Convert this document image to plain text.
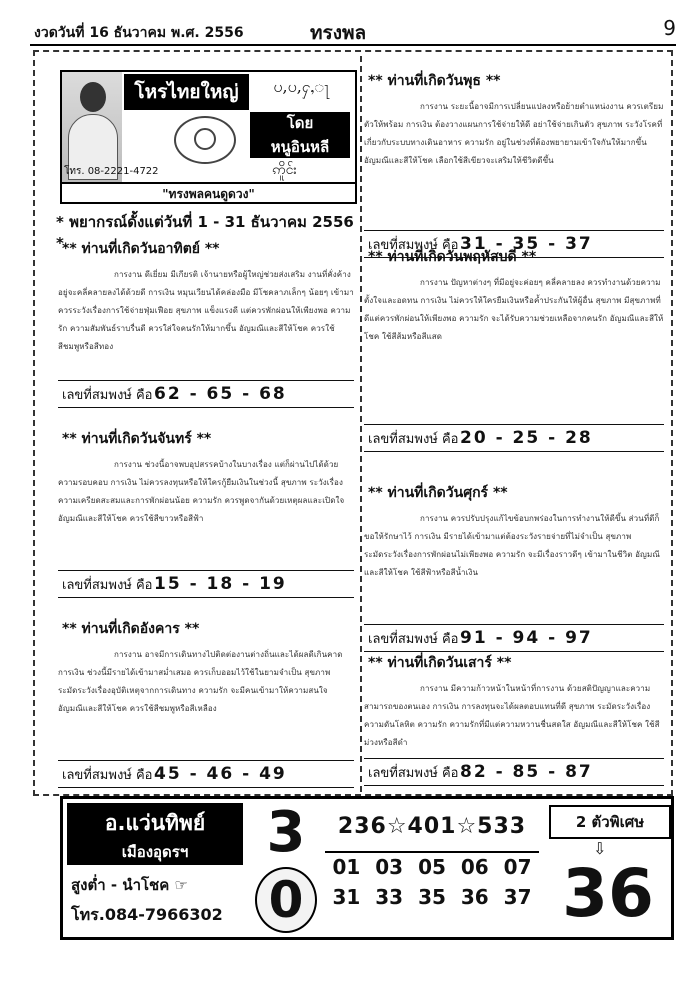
งวดวันที่ 16 ธันวาคม พ.ศ. 2556	ทรงพล	9
โหรไทยใหญ่	ပ,ပ,ႁ,ႃ
โดย
หนูอินหลี
โทร. 08-2221-4722	ဢိူင်း
"ทรงพลคนดูดวง"
* พยากรณ์ดั้งแต่วันที่ 1 - 31 ธันวาคม 2556 *
** ท่านที่เกิดวันอาทิตย์ **
การงาน ดีเยี่ยม มีเกียรติ เจ้านายหรือผู้ใหญ่ช่วยส่งเสริม งานที่คั่งค้างอยู่จะคลี่คลายลงได้ด้วยดี การเงิน หมุนเวียนได้คล่องมือ มีโชคลาภเล็กๆ น้อยๆ เข้ามา ควรระวังเรื่องการใช้จ่ายฟุ่มเฟือย สุขภาพ แข็งแรงดี แต่ควรพักผ่อนให้เพียงพอ ความรัก ความสัมพันธ์ราบรื่นดี ควรใส่ใจคนรักให้มากขึ้น อัญมณีและสีให้โชค ควรใช้สีชมพูหรือสีทอง
เลขที่สมพงษ์ คือ 62 - 65 - 68
** ท่านที่เกิดวันจันทร์ **
การงาน ช่วงนี้อาจพบอุปสรรคบ้างในบางเรื่อง แต่ก็ผ่านไปได้ด้วยความรอบคอบ การเงิน ไม่ควรลงทุนหรือให้ใครกู้ยืมเงินในช่วงนี้ สุขภาพ ระวังเรื่องความเครียดสะสมและการพักผ่อนน้อย ความรัก ควรพูดจากันด้วยเหตุผลและเปิดใจ อัญมณีและสีให้โชค ควรใช้สีขาวหรือสีฟ้า
เลขที่สมพงษ์ คือ 15 - 18 - 19
** ท่านที่เกิดอังคาร **
การงาน อาจมีการเดินทางไปติดต่องานต่างถิ่นและได้ผลดีเกินคาด การเงิน ช่วงนี้มีรายได้เข้ามาสม่ำเสมอ ควรเก็บออมไว้ใช้ในยามจำเป็น สุขภาพ ระมัดระวังเรื่องอุบัติเหตุจากการเดินทาง ความรัก จะมีคนเข้ามาให้ความสนใจ อัญมณีและสีให้โชค ควรใช้สีชมพูหรือสีเหลือง
เลขที่สมพงษ์ คือ 45 - 46 - 49
** ท่านที่เกิดวันพุธ **
การงาน ระยะนี้อาจมีการเปลี่ยนแปลงหรือย้ายตำแหน่งงาน ควรเตรียมตัวให้พร้อม การเงิน ต้องวางแผนการใช้จ่ายให้ดี อย่าใช้จ่ายเกินตัว สุขภาพ ระวังโรคที่เกี่ยวกับระบบทางเดินอาหาร ความรัก อยู่ในช่วงที่ต้องพยายามเข้าใจกันให้มากขึ้น อัญมณีและสีให้โชค เลือกใช้สีเขียวจะเสริมให้ชีวิตดีขึ้น
เลขที่สมพงษ์ คือ 31 - 35 - 37
** ท่านที่เกิดวันพฤหัสบดี **
การงาน ปัญหาต่างๆ ที่มีอยู่จะค่อยๆ คลี่คลายลง ควรทำงานด้วยความตั้งใจและอดทน การเงิน ไม่ควรให้ใครยืมเงินหรือค้ำประกันให้ผู้อื่น สุขภาพ มีสุขภาพที่ดีแต่ควรพักผ่อนให้เพียงพอ ความรัก จะได้รับความช่วยเหลือจากคนรัก อัญมณีและสีให้โชค ใช้สีส้มหรือสีแสด
เลขที่สมพงษ์ คือ 20 - 25 - 28
** ท่านที่เกิดวันศุกร์ **
การงาน ควรปรับปรุงแก้ไขข้อบกพร่องในการทำงานให้ดีขึ้น ส่วนที่ดีก็ขอให้รักษาไว้ การเงิน มีรายได้เข้ามาแต่ต้องระวังรายจ่ายที่ไม่จำเป็น สุขภาพ ระมัดระวังเรื่องการพักผ่อนไม่เพียงพอ ความรัก จะมีเรื่องราวดีๆ เข้ามาในชีวิต อัญมณีและสีให้โชค ใช้สีฟ้าหรือสีน้ำเงิน
เลขที่สมพงษ์ คือ 91 - 94 - 97
** ท่านที่เกิดวันเสาร์ **
การงาน มีความก้าวหน้าในหน้าที่การงาน ด้วยสติปัญญาและความสามารถของตนเอง การเงิน การลงทุนจะได้ผลตอบแทนที่ดี สุขภาพ ระมัดระวังเรื่องความดันโลหิต ความรัก ความรักที่มีแต่ความหวานชื่นสดใส อัญมณีและสีให้โชค ใช้สีม่วงหรือสีดำ
เลขที่สมพงษ์ คือ 82 - 85 - 87
อ.แว่นทิพย์
เมืองอุดรฯ
สูงต่ำ - นำโชค ☞
โทร.084-7966302
3
0
236☆401☆533
01 03 05 06 07
31 33 35 36 37
2 ตัวพิเศษ
⇩
36
